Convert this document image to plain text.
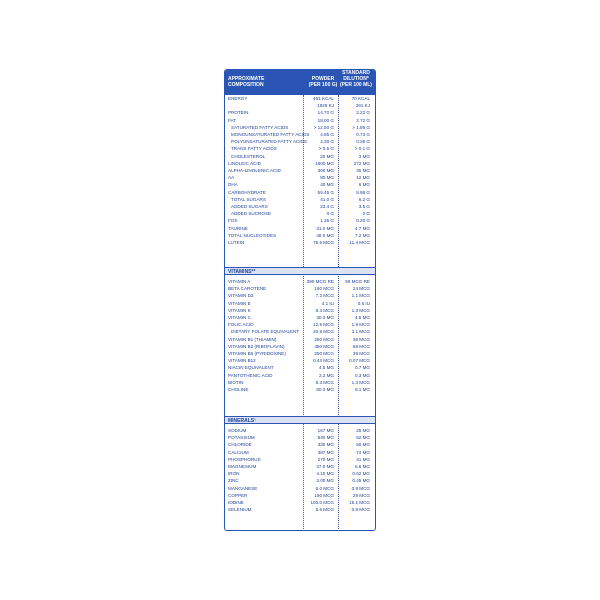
APPROXIMATE COMPOSITION
POWDER (PER 100 G)
STANDARD DILUTION* (PER 100 ML)
ENERGY	461 KCAL	70 KCAL
1929 KJ	291 KJ
PROTEIN	14.70 G	2.22 G
FAT	18.00 G	2.72 G
SATURATED FATTY ACIDS	> 12.50 G	> 1.89 G
MONOUNSATURATED FATTY ACIDS 4.85 G	0.73 G
POLYUNSATURATED FATTY ACIDS	2.30 G	0.35 G
TRANS FATTY ACIDS	> 0.5 G	> 0.1 G
CHOLESTEROL	20 MG	3 MG
LINOLEIC ACID	1800 MG	272 MG
ALPHA-LINOLENIC ACID	300 MG	45 MG
AA	80 MG	12 MG
DHA	40 MG	6 MG
CARBOHYDRATE	59.45 G	8.98 G
TOTAL SUGARS	41.0 G	6.2 G
ADDED SUGARS	23.4 G	3.5 G
ADDED SUCROSE	0 G	0 G
FOS	1.35 G	0.20 G
TAURINE	31.0 MG	4.7 MG
TOTAL NUCLEOTIDES	48.0 MG	7.2 MG
LUTEIN	75.5 MCG	11.4 MCG
VITAMINS**
VITAMIN A	390 MCG RE 59 MCG RE
BETA CAROTENE	160 MCG	24 MCG
VITAMIN D2	7.2 MCG	1.1 MCG
VITAMIN E	4.1 IU	0.6 IU
VITAMIN K	8.3 MCG	1.3 MCG
VITAMIN C	30.0 MG	4.5 MG
FOLIC ACID	12.5 MCG	1.9 MCG
DIETARY FOLATE EQUIVALENT	20.8 MCG	3.1 MCG
VITAMIN B1 (THIAMIN)	250 MCG	38 MCG
VITAMIN B2 (RIBOFLAVIN)	450 MCG	68 MCG
VITAMIN B6 (PYRIDOXINE)	250 MCG	38 MCG
VITAMIN B12	0.44 MCG	0.07 MCG
NIACIN EQUIVALENT	4.5 MG	0.7 MG
PANTOTHENIC ACID	2.2 MG	0.3 MG
BIOTIN	8.3 MCG	1.3 MCG
CHOLINE	60.0 MG	9.1 MG
MINERALS¹
SODIUM	167 MG	25 MG
POTASSIUM	540 MG	82 MG
CHLORIDE	330 MG	50 MG
CALCIUM	487 MG	74 MG
PHOSPHORUS	270 MG	41 MG
MAGNESIUM	37.0 MG	5.6 MG
IRON	4.10 MG	0.62 MG
ZINC	3.00 MG	0.45 MG
MANGANESE	6.0 MCG	0.9 MCG
COPPER	190 MCG	29 MCG
IODINE	100.0 MCG	15.1 MCG
SELENIUM	5.6 MCG	0.8 MCG
